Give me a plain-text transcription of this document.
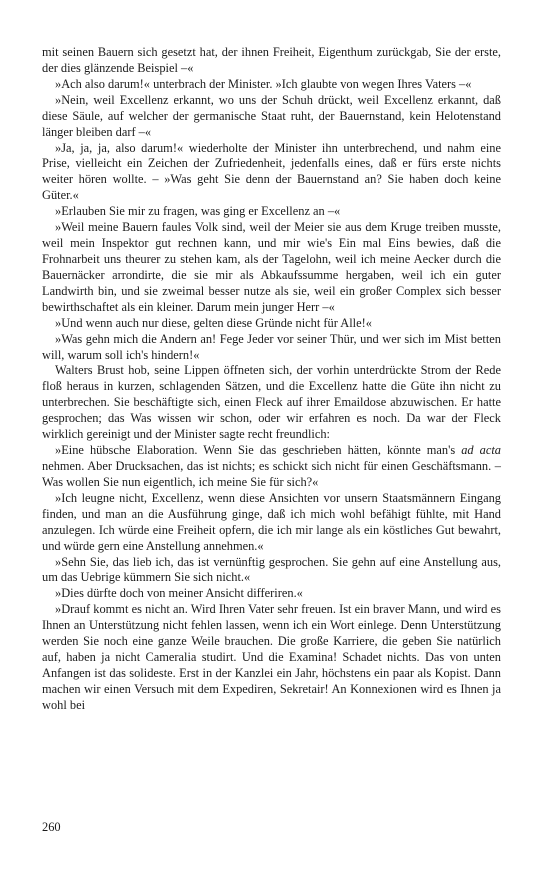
mit seinen Bauern sich gesetzt hat, der ihnen Freiheit, Eigenthum zurückgab, Sie der erste, der dies glänzende Beispiel –«

»Ach also darum!« unterbrach der Minister. »Ich glaubte von wegen Ihres Vaters –«

»Nein, weil Excellenz erkannt, wo uns der Schuh drückt, weil Excellenz erkannt, daß diese Säule, auf welcher der germanische Staat ruht, der Bauernstand, kein Helotenstand länger bleiben darf –«

»Ja, ja, ja, also darum!« wiederholte der Minister ihn unterbrechend, und nahm eine Prise, vielleicht ein Zeichen der Zufriedenheit, jedenfalls eines, daß er fürs erste nichts weiter hören wollte. – »Was geht Sie denn der Bauernstand an? Sie haben doch keine Güter.«

»Erlauben Sie mir zu fragen, was ging er Excellenz an –«

»Weil meine Bauern faules Volk sind, weil der Meier sie aus dem Kruge treiben musste, weil mein Inspektor gut rechnen kann, und mir wie's Ein mal Eins bewies, daß die Frohnarbeit uns theurer zu stehen kam, als der Tagelohn, weil ich meine Aecker durch die Bauernäcker arrondirte, die sie mir als Abkaufssumme hergaben, weil ich ein guter Landwirth bin, und sie zweimal besser nutze als sie, weil ein großer Complex sich besser bewirthschaftet als ein kleiner. Darum mein junger Herr –«

»Und wenn auch nur diese, gelten diese Gründe nicht für Alle!«

»Was gehn mich die Andern an! Fege Jeder vor seiner Thür, und wer sich im Mist betten will, warum soll ich's hindern!«

Walters Brust hob, seine Lippen öffneten sich, der vorhin unterdrückte Strom der Rede floß heraus in kurzen, schlagenden Sätzen, und die Excellenz hatte die Güte ihn nicht zu unterbrechen. Sie beschäftigte sich, einen Fleck auf ihrer Emaildose abzuwischen. Er hatte gesprochen; das Was wissen wir schon, oder wir erfahren es noch. Da war der Fleck wirklich gereinigt und der Minister sagte recht freundlich:

»Eine hübsche Elaboration. Wenn Sie das geschrieben hätten, könnte man's ad acta nehmen. Aber Drucksachen, das ist nichts; es schickt sich nicht für einen Geschäftsmann. – Was wollen Sie nun eigentlich, ich meine Sie für sich?«

»Ich leugne nicht, Excellenz, wenn diese Ansichten vor unsern Staatsmännern Eingang finden, und man an die Ausführung ginge, daß ich mich wohl befähigt fühlte, mit Hand anzulegen. Ich würde eine Freiheit opfern, die ich mir lange als ein köstliches Gut bewahrt, und würde gern eine Anstellung annehmen.«

»Sehn Sie, das lieb ich, das ist vernünftig gesprochen. Sie gehn auf eine Anstellung aus, um das Uebrige kümmern Sie sich nicht.«

»Dies dürfte doch von meiner Ansicht differiren.«

»Drauf kommt es nicht an. Wird Ihren Vater sehr freuen. Ist ein braver Mann, und wird es Ihnen an Unterstützung nicht fehlen lassen, wenn ich ein Wort einlege. Denn Unterstützung werden Sie noch eine ganze Weile brauchen. Die große Karriere, die geben Sie natürlich auf, haben ja nicht Cameralia studirt. Und die Examina! Schadet nichts. Das von unten Anfangen ist das solideste. Erst in der Kanzlei ein Jahr, höchstens ein paar als Kopist. Dann machen wir einen Versuch mit dem Expediren, Sekretair! An Konnexionen wird es Ihnen ja wohl bei

260
